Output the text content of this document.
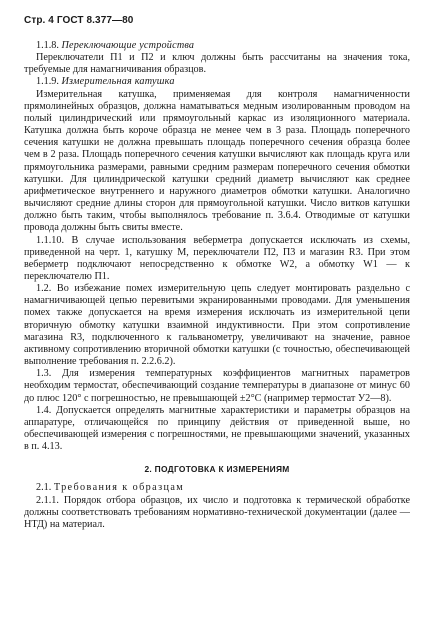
Стр. 4 ГОСТ 8.377—80

1.1.8. Переключающие устройства

Переключатели П1 и П2 и ключ должны быть рассчитаны на значения тока, требуемые для намагничивания образцов.

1.1.9. Измерительная катушка

Измерительная катушка, применяемая для контроля намагниченности прямолинейных образцов, должна наматываться медным изолированным проводом на полый цилиндрический или прямоугольный каркас из изоляционного материала. Катушка должна быть короче образца не менее чем в 3 раза. Площадь поперечного сечения катушки не должна превышать площадь поперечного сечения образца более чем в 2 раза. Площадь поперечного сечения катушки вычисляют как площадь круга или прямоугольника размерами, равными средним размерам поперечного сечения обмотки катушки. Для цилиндрической катушки средний диаметр вычисляют как среднее арифметическое внутреннего и наружного диаметров обмотки катушки. Аналогично вычисляют средние длины сторон для прямоугольной катушки. Число витков катушки должно быть таким, чтобы выполнялось требование п. 3.6.4. Отводимые от катушки провода должны быть свиты вместе.

1.1.10. В случае использования веберметра допускается исключать из схемы, приведенной на черт. 1, катушку М, переключатели П2, П3 и магазин R3. При этом веберметр подключают непосредственно к обмотке W2, а обмотку W1 — к переключателю П1.

1.2. Во избежание помех измерительную цепь следует монтировать раздельно с намагничивающей цепью перевитыми экранированными проводами. Для уменьшения помех также допускается на время измерения исключать из измерительной цепи вторичную обмотку катушки взаимной индуктивности. При этом сопротивление магазина R3, подключенного к гальванометру, увеличивают на значение, равное активному сопротивлению вторичной обмотки катушки (с точностью, обеспечивающей выполнение требования п. 2.2.6.2).

1.3. Для измерения температурных коэффициентов магнитных параметров необходим термостат, обеспечивающий создание температуры в диапазоне от минус 60 до плюс 120° с погрешностью, не превышающей ±2°С (например термостат У2—8).

1.4. Допускается определять магнитные характеристики и параметры образцов на аппаратуре, отличающейся по принципу действия от приведенной выше, но обеспечивающей измерения с погрешностями, не превышающими значений, указанных в п. 4.13.

2. ПОДГОТОВКА К ИЗМЕРЕНИЯМ

2.1. Требования к образцам

2.1.1. Порядок отбора образцов, их число и подготовка к термической обработке должны соответствовать требованиям нормативно-технической документации (далее — НТД) на материал.
